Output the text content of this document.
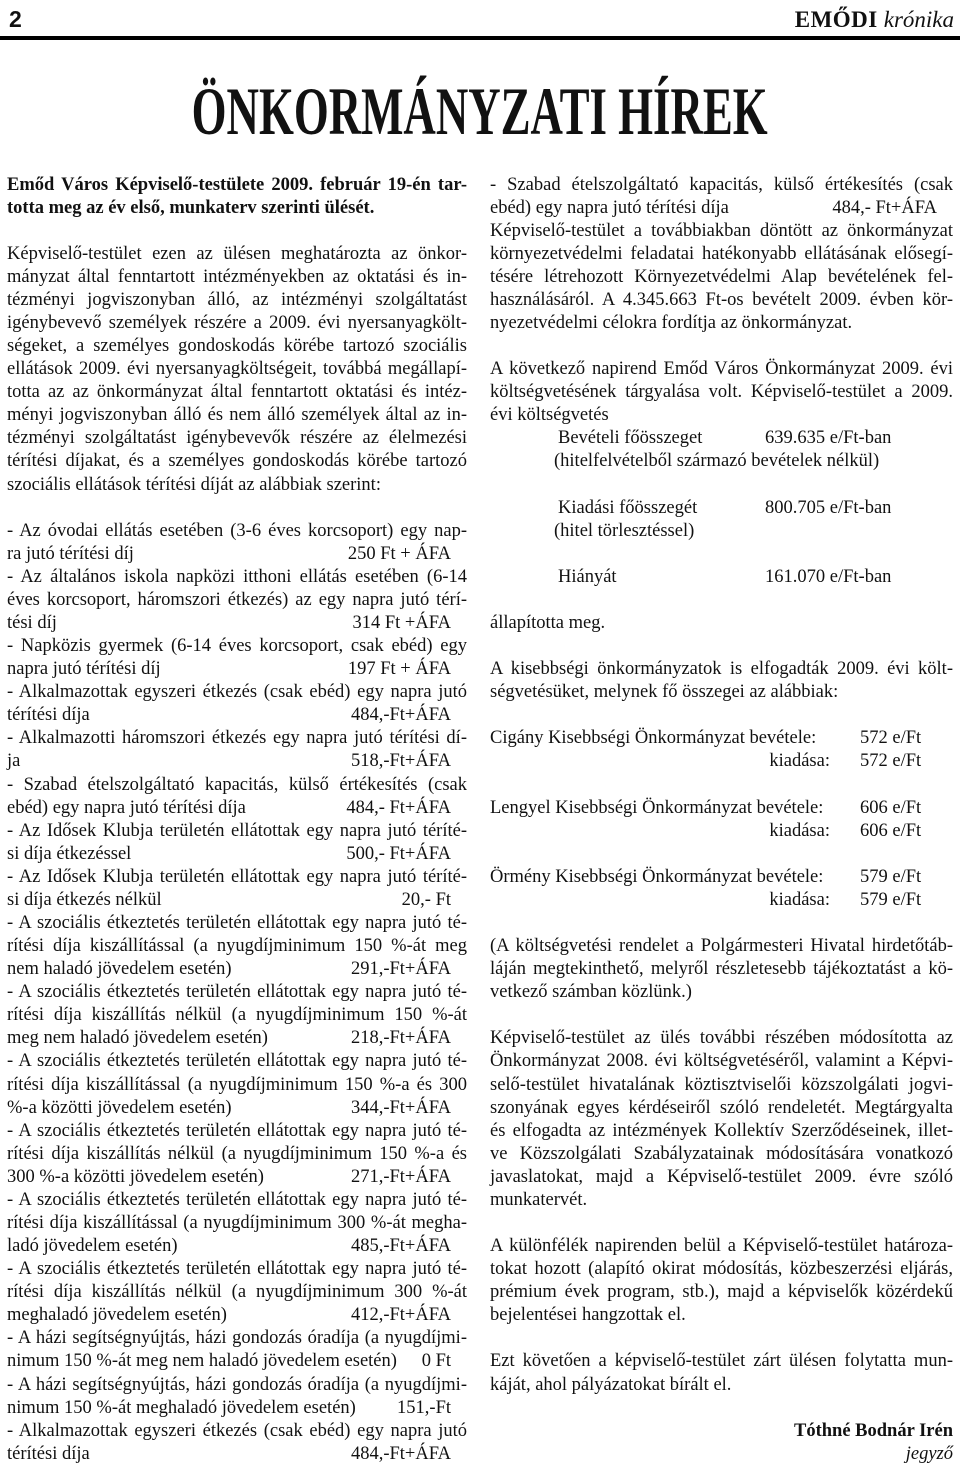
2	EMŐDI krónika
ÖNKORMÁNYZATI HÍREK
Emőd Város Képviselő-testülete 2009. február 19-én tar-
totta meg az év első, munkaterv szerinti ülését.
Képviselő-testület ezen az ülésen meghatározta az önkor-
mányzat által fenntartott intézményekben az oktatási és in-
tézményi jogviszonyban álló, az intézményi szolgáltatást
igénybevevő személyek részére a 2009. évi nyersanyagkölt-
ségeket, a személyes gondoskodás körébe tartozó szociális
ellátások 2009. évi nyersanyagköltségeit, továbbá megállapí-
totta az az önkormányzat által fenntartott oktatási és intéz-
ményi jogviszonyban álló és nem álló személyek által az in-
tézményi szolgáltatást igénybevevők részére az élelmezési
térítési díjakat, és a személyes gondoskodás körébe tartozó
szociális ellátások térítési díját az alábbiak szerint:
- Az óvodai ellátás esetében (3-6 éves korcsoport) egy nap-
ra jutó térítési díj	250 Ft + ÁFA
- Az általános iskola napközi itthoni ellátás esetében (6-14
éves korcsoport, háromszori étkezés) az egy napra jutó térí-
tési díj	314 Ft +ÁFA
- Napközis gyermek (6-14 éves korcsoport, csak ebéd) egy
napra jutó térítési díj	197 Ft + ÁFA
- Alkalmazottak egyszeri étkezés (csak ebéd) egy napra jutó
térítési díja	484,-Ft+ÁFA
- Alkalmazotti háromszori étkezés egy napra jutó térítési dí-
ja	518,-Ft+ÁFA
- Szabad ételszolgáltató kapacitás, külső értékesítés (csak
ebéd) egy napra jutó térítési díja	484,- Ft+ÁFA
- Az Idősek Klubja területén ellátottak egy napra jutó téríté-
si díja étkezéssel	500,- Ft+ÁFA
- Az Idősek Klubja területén ellátottak egy napra jutó téríté-
si díja étkezés nélkül	20,- Ft
- A szociális étkeztetés területén ellátottak egy napra jutó té-
rítési díja kiszállítással (a nyugdíjminimum 150 %-át meg
nem haladó jövedelem esetén)	291,-Ft+ÁFA
- A szociális étkeztetés területén ellátottak egy napra jutó té-
rítési díja kiszállítás nélkül (a nyugdíjminimum 150 %-át
meg nem haladó jövedelem esetén)	218,-Ft+ÁFA
- A szociális étkeztetés területén ellátottak egy napra jutó té-
rítési díja kiszállítással (a nyugdíjminimum 150 %-a és 300
%-a közötti jövedelem esetén)	344,-Ft+ÁFA
- A szociális étkeztetés területén ellátottak egy napra jutó té-
rítési díja kiszállítás nélkül (a nyugdíjminimum 150 %-a és
300 %-a közötti jövedelem esetén)	271,-Ft+ÁFA
- A szociális étkeztetés területén ellátottak egy napra jutó té-
rítési díja kiszállítással (a nyugdíjminimum 300 %-át megha-
ladó jövedelem esetén)	485,-Ft+ÁFA
- A szociális étkeztetés területén ellátottak egy napra jutó té-
rítési díja kiszállítás nélkül (a nyugdíjminimum 300 %-át
meghaladó jövedelem esetén)	412,-Ft+ÁFA
- A házi segítségnyújtás, házi gondozás óradíja (a nyugdíjmi-
nimum 150 %-át meg nem haladó jövedelem esetén) 0 Ft
- A házi segítségnyújtás, házi gondozás óradíja (a nyugdíjmi-
nimum 150 %-át meghaladó jövedelem esetén) 151,-Ft
- Alkalmazottak egyszeri étkezés (csak ebéd) egy napra jutó
térítési díja	484,-Ft+ÁFA
- Szabad ételszolgáltató kapacitás, külső értékesítés (csak
ebéd) egy napra jutó térítési díja	484,- Ft+ÁFA
Képviselő-testület a továbbiakban döntött az önkormányzat
környezetvédelmi feladatai hatékonyabb ellátásának elősegí-
tésére létrehozott Környezetvédelmi Alap bevételének fel-
használásáról. A 4.345.663 Ft-os bevételt 2009. évben kör-
nyezetvédelmi célokra fordítja az önkormányzat.
A következő napirend Emőd Város Önkormányzat 2009. évi
költségvetésének tárgyalása volt. Képviselő-testület a 2009.
évi költségvetés
Bevételi főösszeget	639.635 e/Ft-ban
(hitelfelvételből származó bevételek nélkül)
Kiadási főösszegét	800.705 e/Ft-ban
(hitel törlesztéssel)
Hiányát	161.070 e/Ft-ban
állapította meg.
A kisebbségi önkormányzatok is elfogadták 2009. évi költ-
ségvetésüket, melynek fő összegei az alábbiak:
Cigány Kisebbségi Önkormányzat bevétele: 572 e/Ft
kiadása: 572 e/Ft
Lengyel Kisebbségi Önkormányzat bevétele: 606 e/Ft
kiadása: 606 e/Ft
Örmény Kisebbségi Önkormányzat bevétele: 579 e/Ft
kiadása: 579 e/Ft
(A költségvetési rendelet a Polgármesteri Hivatal hirdetőtáb-
láján megtekinthető, melyről részletesebb tájékoztatást a kö-
vetkező számban közlünk.)
Képviselő-testület az ülés további részében módosította az
Önkormányzat 2008. évi költségvetéséről, valamint a Képvi-
selő-testület hivatalának köztisztviselői közszolgálati jogvi-
szonyának egyes kérdéseiről szóló rendeletét. Megtárgyalta
és elfogadta az intézmények Kollektív Szerződéseinek, illet-
ve Közszolgálati Szabályzatainak módosítására vonatkozó
javaslatokat, majd a Képviselő-testület 2009. évre szóló
munkatervét.
A különfélék napirenden belül a Képviselő-testület határoza-
tokat hozott (alapító okirat módosítás, közbeszerzési eljárás,
prémium évek program, stb.), majd a képviselők közérdekű
bejelentései hangzottak el.
Ezt követően a képviselő-testület zárt ülésen folytatta mun-
káját, ahol pályázatokat bírált el.
Tóthné Bodnár Irén
jegyző
